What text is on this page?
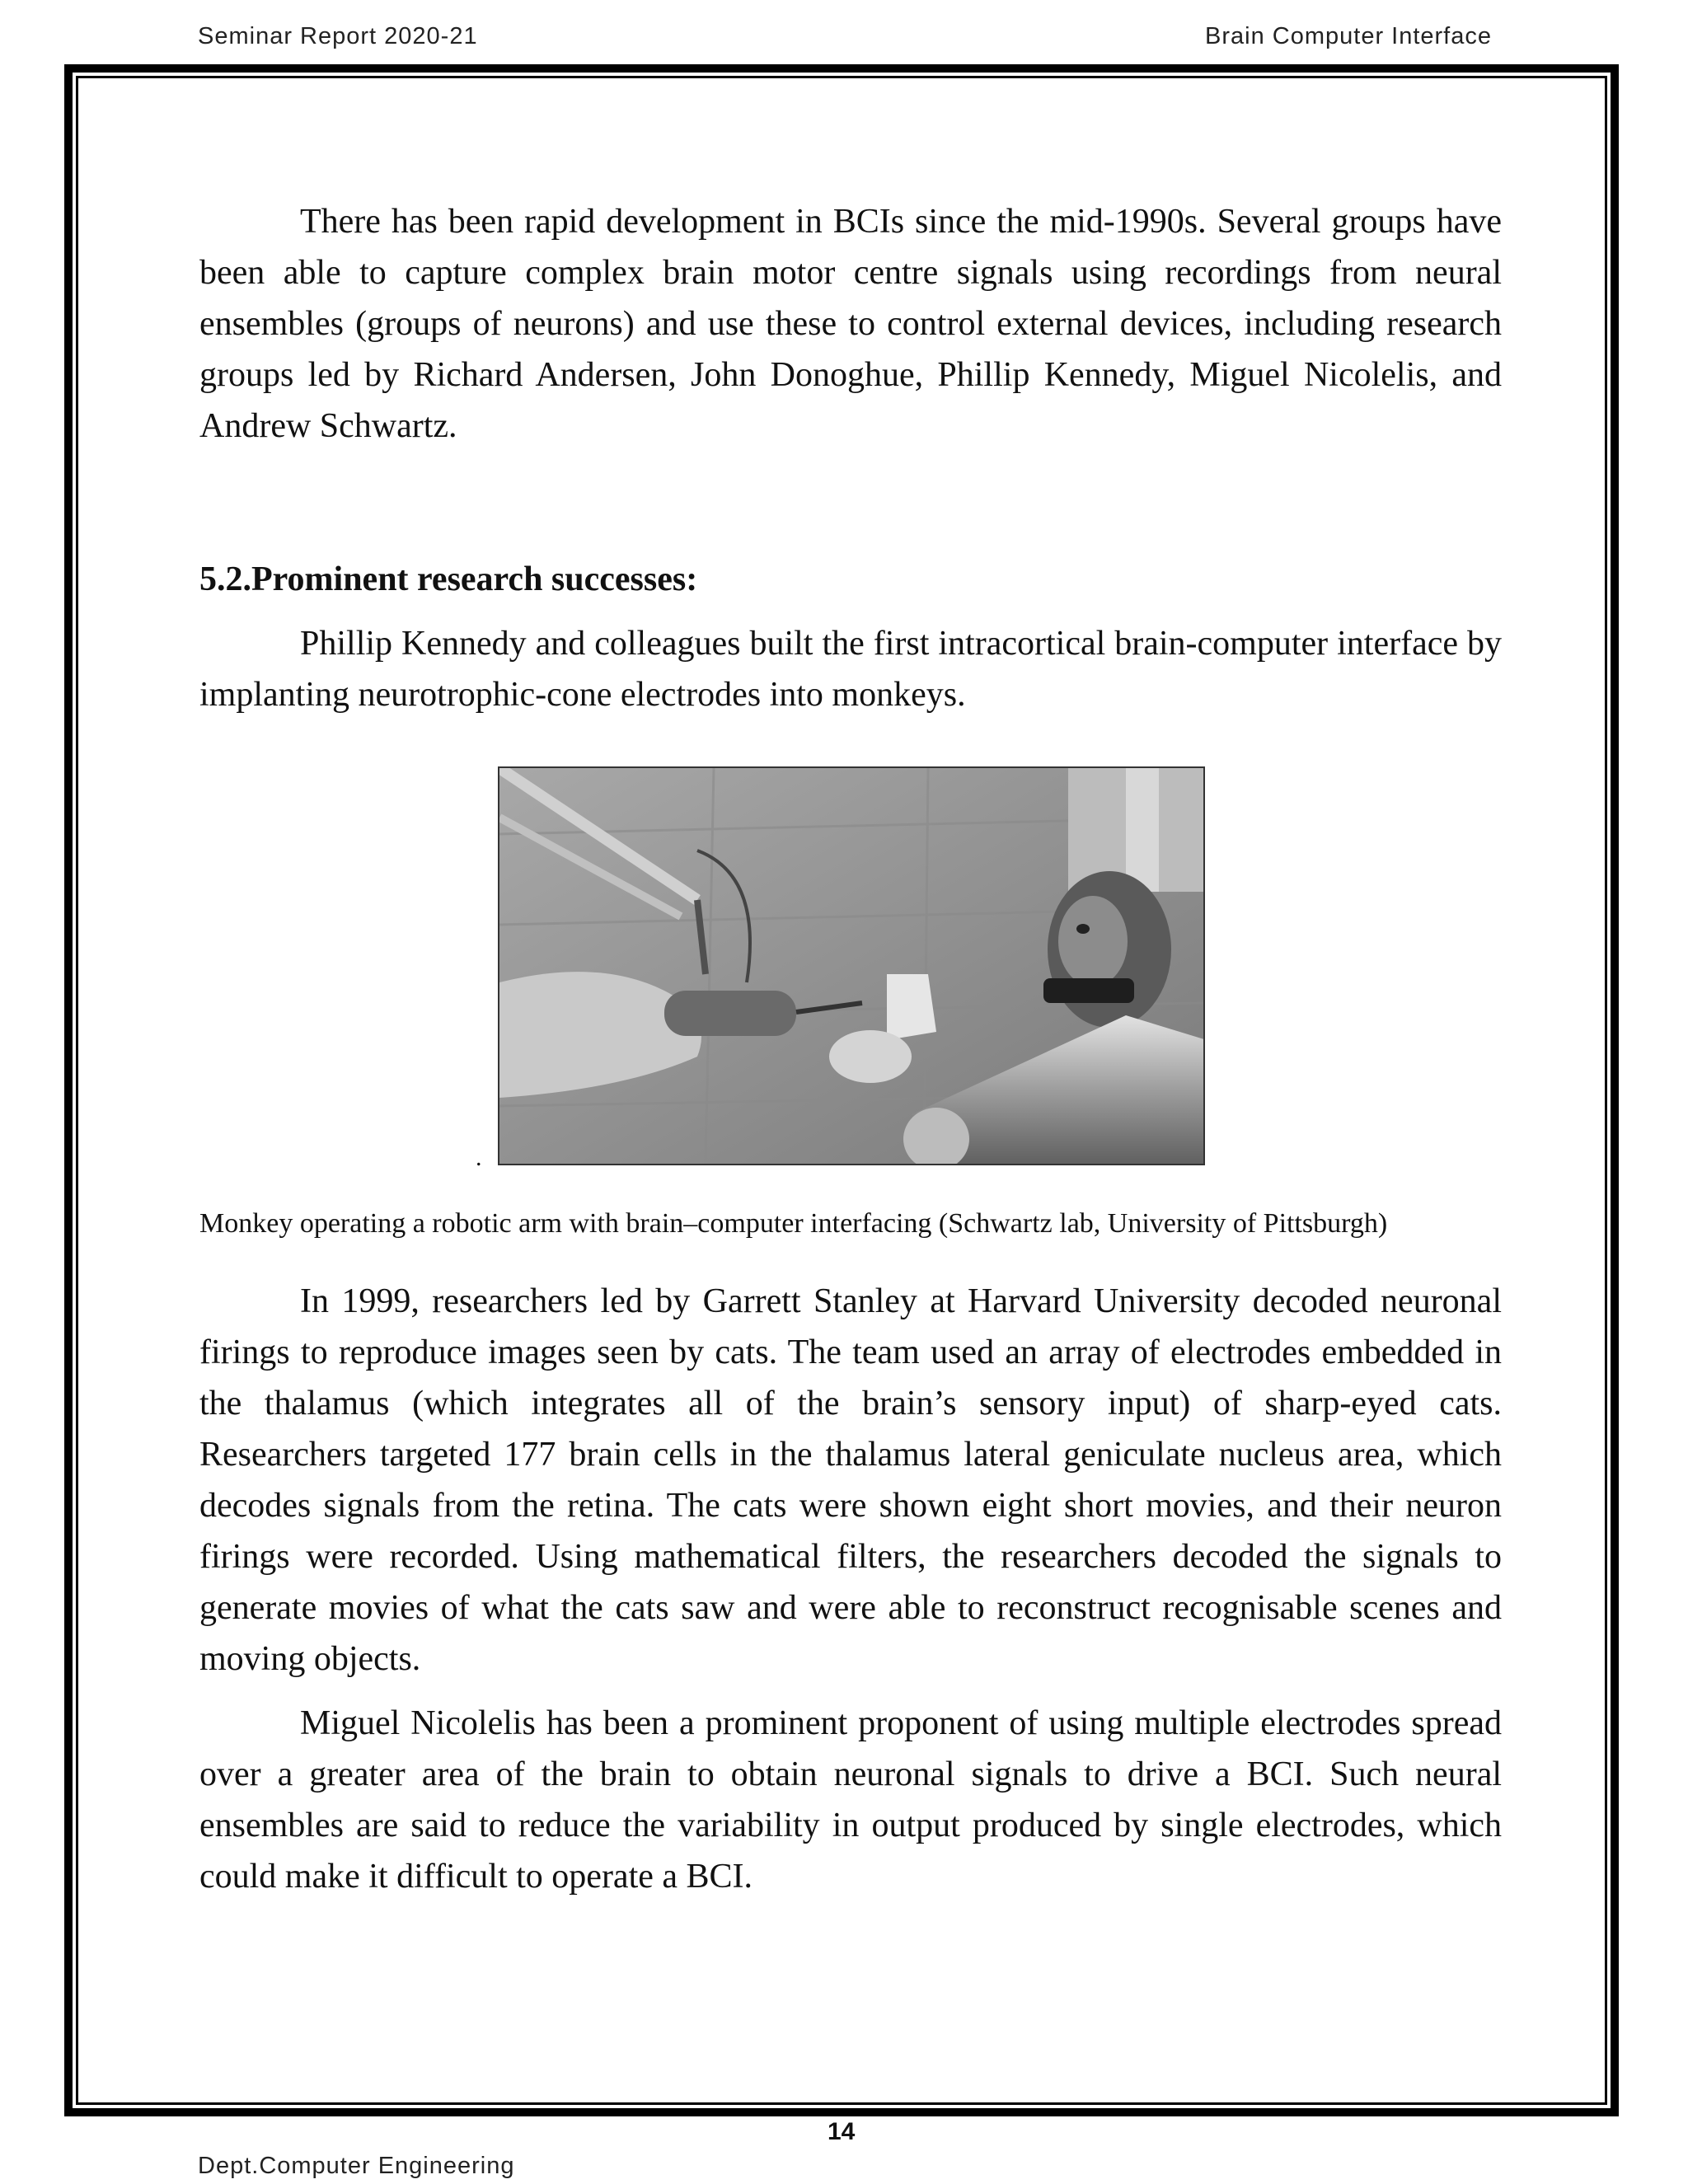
Seminar Report 2020-21	Brain Computer Interface

There has been rapid development in BCIs since the mid-1990s. Several groups have been able to capture complex brain motor centre signals using recordings from neural ensembles (groups of neurons) and use these to control external devices, including research groups led by Richard Andersen, John Donoghue, Phillip Kennedy, Miguel Nicolelis, and Andrew Schwartz.

5.2.Prominent research successes:

Phillip Kennedy and colleagues built the first intracortical brain-computer interface by implanting neurotrophic-cone electrodes into monkeys.

.
Monkey operating a robotic arm with brain–computer interfacing (Schwartz lab, University of Pittsburgh)

In 1999, researchers led by Garrett Stanley at Harvard University decoded neuronal firings to reproduce images seen by cats. The team used an array of electrodes embedded in the thalamus (which integrates all of the brain’s sensory input) of sharp-eyed cats. Researchers targeted 177 brain cells in the thalamus lateral geniculate nucleus area, which decodes signals from the retina. The cats were shown eight short movies, and their neuron firings were recorded. Using mathematical filters, the researchers decoded the signals to generate movies of what the cats saw and were able to reconstruct recognisable scenes and moving objects.

Miguel Nicolelis has been a prominent proponent of using multiple electrodes spread over a greater area of the brain to obtain neuronal signals to drive a BCI. Such neural ensembles are said to reduce the variability in output produced by single electrodes, which could make it difficult to operate a BCI.

14
Dept.Computer Engineering
